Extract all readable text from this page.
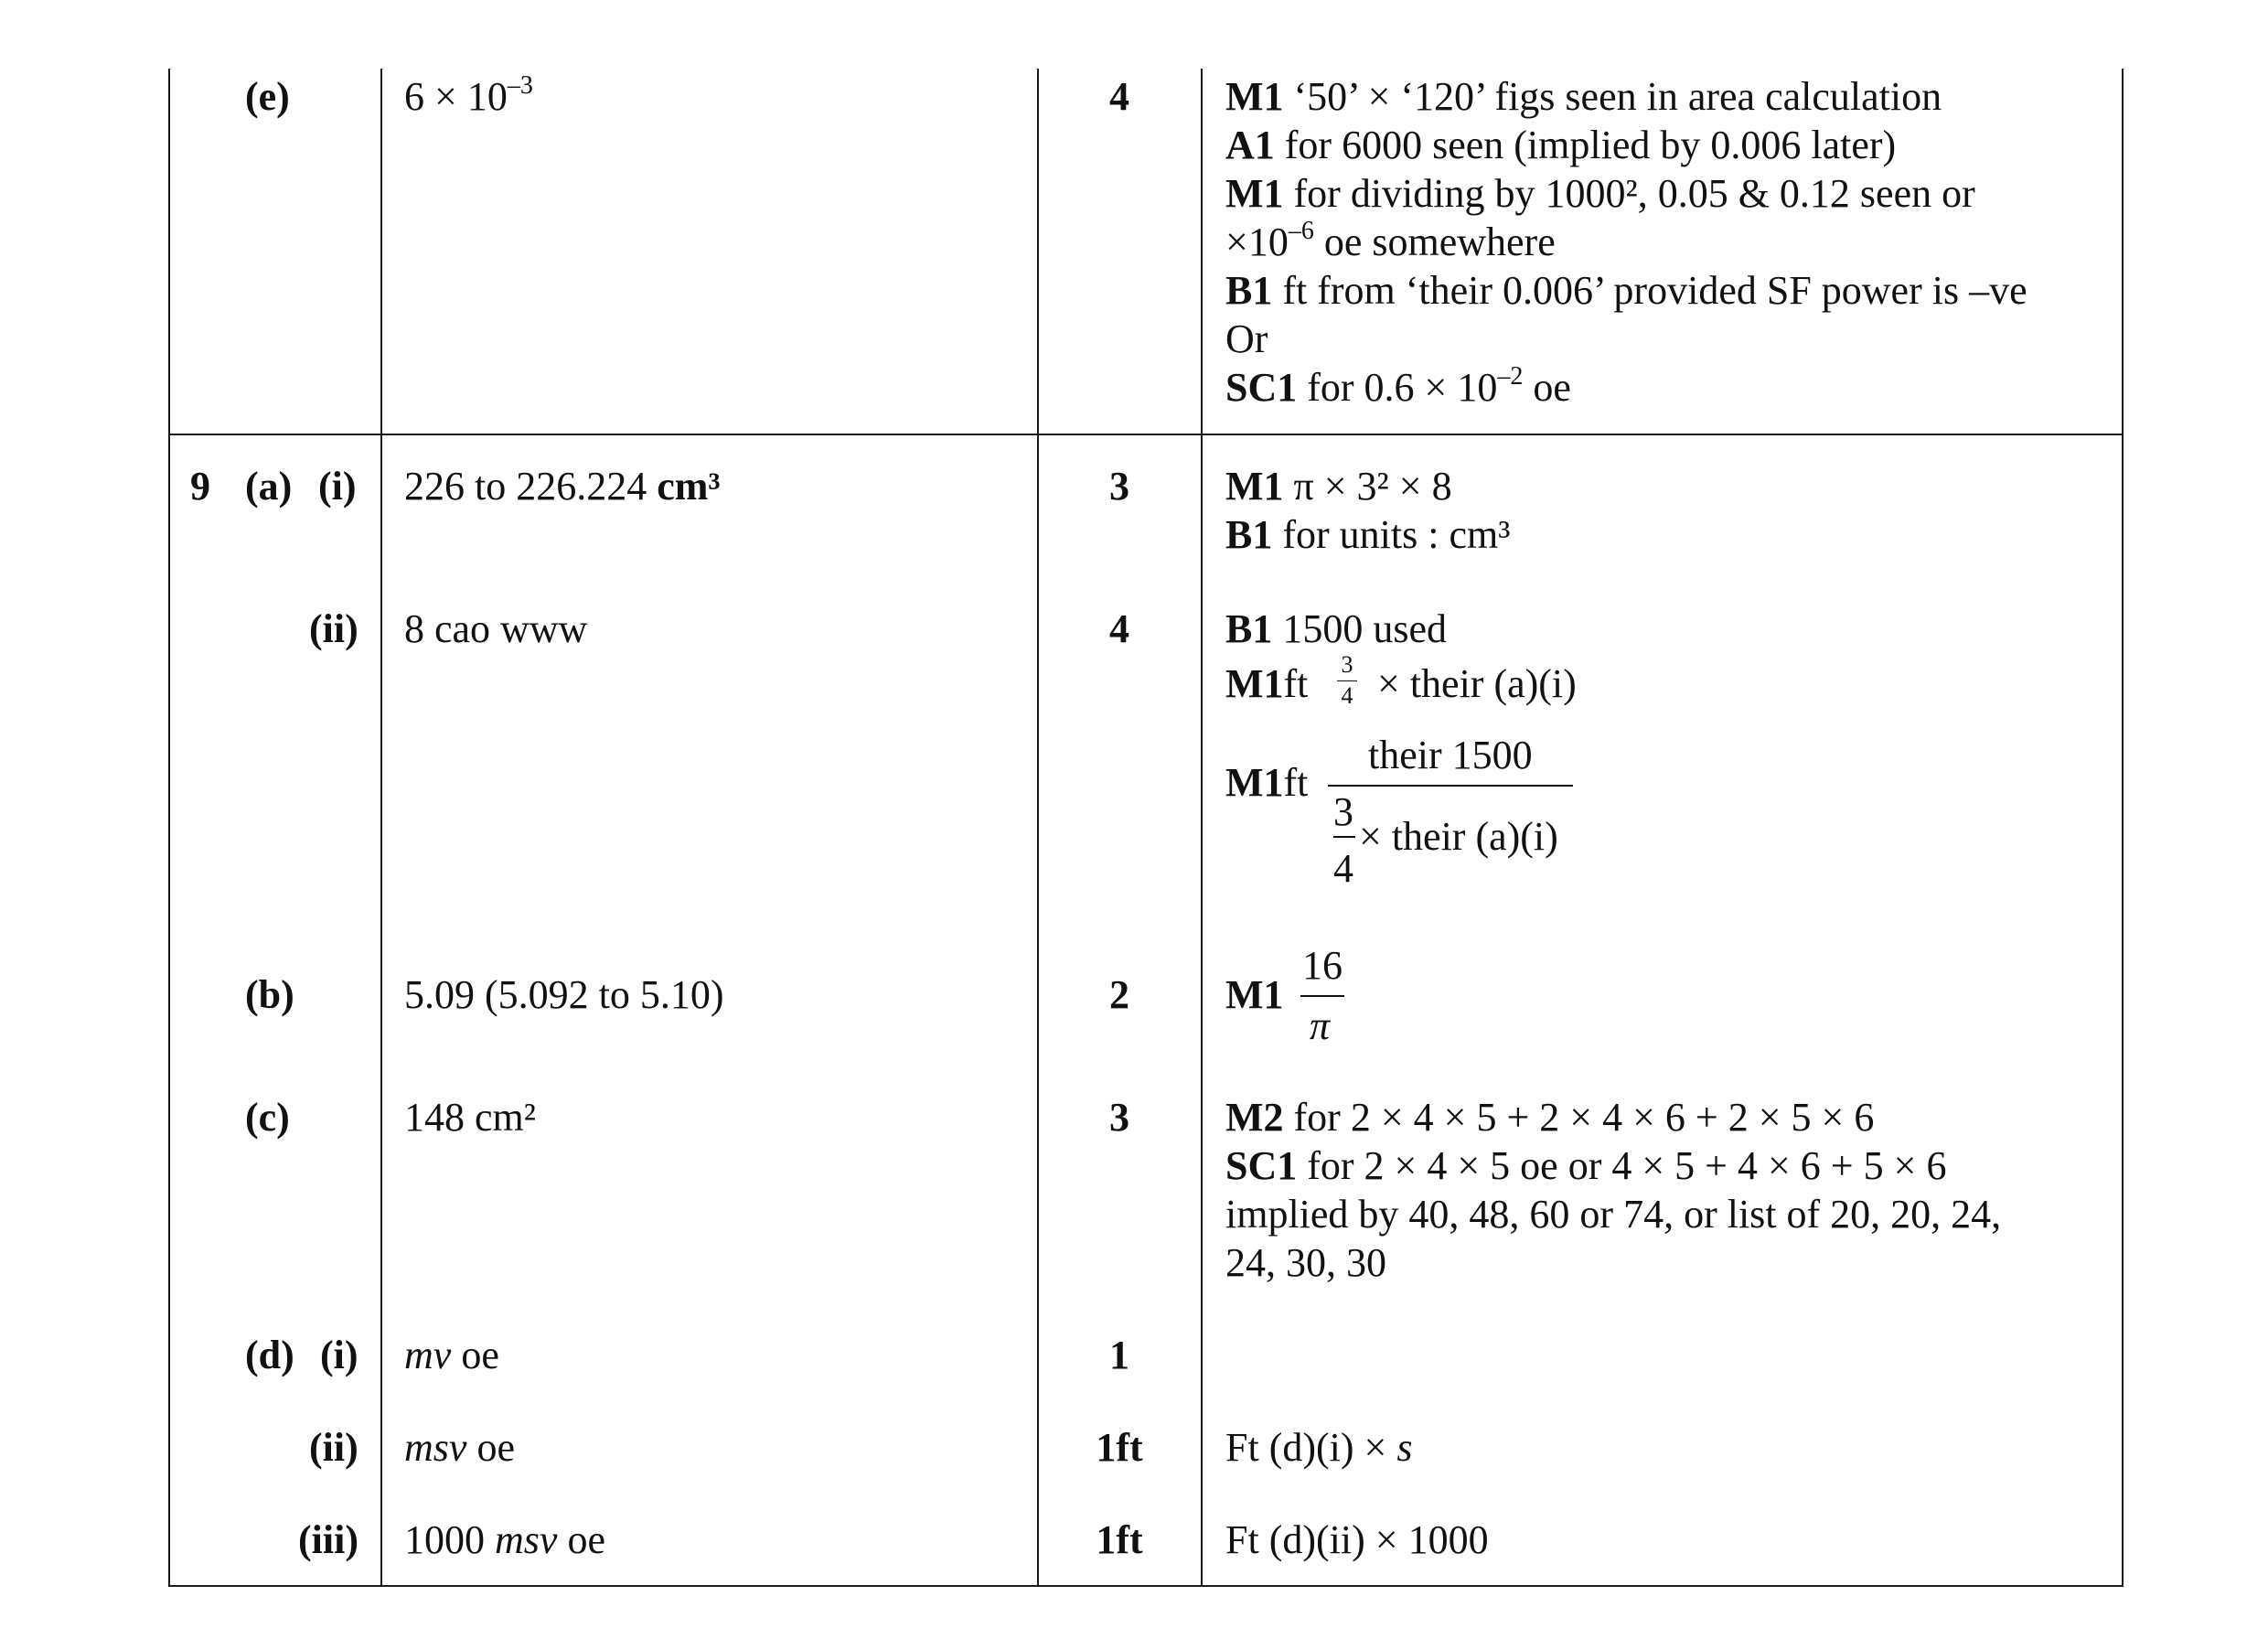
(e)	$6 \times 10^{-3}$	4	M1 ‘50’ × ‘120’ figs seen in area calculation
A1 for 6000 seen (implied by 0.006 later)
M1 for dividing by 1000², 0.05 & 0.12 seen or
$\times 10^{-6}$ oe somewhere
B1 ft from ‘their 0.006’ provided SF power is –ve
Or
SC1 for $0.6 \times 10^{-2}$ oe
9 (a) (i) 226 to 226.224 cm³	3	M1 π × 3² × 8
B1 for units : cm³
(ii) 8 cao www	4	B1 1500 used
M1ft	3
4 × their (a)(i)
M1ft
their 1500
3
4
× their (a)(i)
(b)	5.09 (5.092 to 5.10)	2	M1
16
π
(c)	148 cm²	3	M2 for 2 × 4 × 5 + 2 × 4 × 6 + 2 × 5 × 6
SC1 for 2 × 4 × 5 oe or 4 × 5 + 4 × 6 + 5 × 6
implied by 40, 48, 60 or 74, or list of 20, 20, 24,
24, 30, 30
(d) (i) mv oe	1
(ii) msv oe	1ft	Ft (d)(i) × s
(iii) 1000 msv oe	1ft	Ft (d)(ii) × 1000
